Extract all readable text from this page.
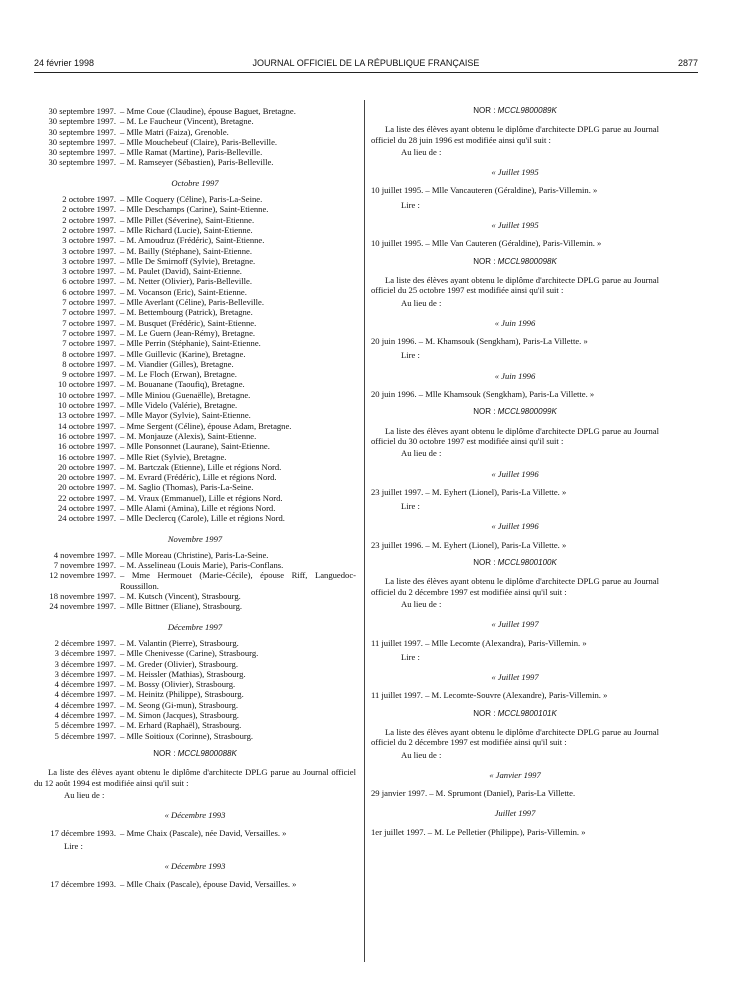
24 février 1998	JOURNAL OFFICIEL DE LA RÉPUBLIQUE FRANÇAISE	2877
30 septembre 1997. – Mme Coue (Claudine), épouse Baguet, Bretagne.
30 septembre 1997. – M. Le Faucheur (Vincent), Bretagne.
30 septembre 1997. – Mlle Matri (Faiza), Grenoble.
30 septembre 1997. – Mlle Mouchebeuf (Claire), Paris-Belleville.
30 septembre 1997. – Mlle Ramat (Martine), Paris-Belleville.
30 septembre 1997. – M. Ramseyer (Sébastien), Paris-Belleville.
Octobre 1997
2 octobre 1997. – Mlle Coquery (Céline), Paris-La-Seine.
2 octobre 1997. – Mlle Deschamps (Carine), Saint-Etienne.
2 octobre 1997. – Mlle Pillet (Séverine), Saint-Etienne.
2 octobre 1997. – Mlle Richard (Lucie), Saint-Etienne.
3 octobre 1997. – M. Amoudruz (Frédéric), Saint-Etienne.
3 octobre 1997. – M. Bailly (Stéphane), Saint-Etienne.
3 octobre 1997. – Mlle De Smirnoff (Sylvie), Bretagne.
3 octobre 1997. – M. Paulet (David), Saint-Etienne.
6 octobre 1997. – M. Netter (Olivier), Paris-Belleville.
6 octobre 1997. – M. Vocanson (Eric), Saint-Etienne.
7 octobre 1997. – Mlle Averlant (Céline), Paris-Belleville.
7 octobre 1997. – M. Bettembourg (Patrick), Bretagne.
7 octobre 1997. – M. Busquet (Frédéric), Saint-Etienne.
7 octobre 1997. – M. Le Guern (Jean-Rémy), Bretagne.
7 octobre 1997. – Mlle Perrin (Stéphanie), Saint-Etienne.
8 octobre 1997. – Mlle Guillevic (Karine), Bretagne.
8 octobre 1997. – M. Viandier (Gilles), Bretagne.
9 octobre 1997. – M. Le Floch (Erwan), Bretagne.
10 octobre 1997. – M. Bouanane (Taoufiq), Bretagne.
10 octobre 1997. – Mlle Miniou (Guenaëlle), Bretagne.
10 octobre 1997. – Mlle Videlo (Valérie), Bretagne.
13 octobre 1997. – Mlle Mayor (Sylvie), Saint-Etienne.
14 octobre 1997. – Mme Sergent (Céline), épouse Adam, Bretagne.
16 octobre 1997. – M. Monjauze (Alexis), Saint-Etienne.
16 octobre 1997. – Mlle Ponsonnet (Laurane), Saint-Etienne.
16 octobre 1997. – Mlle Riet (Sylvie), Bretagne.
20 octobre 1997. – M. Bartczak (Etienne), Lille et régions Nord.
20 octobre 1997. – M. Evrard (Frédéric), Lille et régions Nord.
20 octobre 1997. – M. Saglio (Thomas), Paris-La-Seine.
22 octobre 1997. – M. Vraux (Emmanuel), Lille et régions Nord.
24 octobre 1997. – Mlle Alami (Amina), Lille et régions Nord.
24 octobre 1997. – Mlle Declercq (Carole), Lille et régions Nord.
Novembre 1997
4 novembre 1997. – Mlle Moreau (Christine), Paris-La-Seine.
7 novembre 1997. – M. Asselineau (Louis Marie), Paris-Conflans.
12 novembre 1997. – Mme Hermouet (Marie-Cécile), épouse Riff, Languedoc-Roussillon.
18 novembre 1997. – M. Kutsch (Vincent), Strasbourg.
24 novembre 1997. – Mlle Bittner (Eliane), Strasbourg.
Décembre 1997
2 décembre 1997. – M. Valantin (Pierre), Strasbourg.
3 décembre 1997. – Mlle Chenivesse (Carine), Strasbourg.
3 décembre 1997. – M. Greder (Olivier), Strasbourg.
3 décembre 1997. – M. Heissler (Mathias), Strasbourg.
4 décembre 1997. – M. Bossy (Olivier), Strasbourg.
4 décembre 1997. – M. Heinitz (Philippe), Strasbourg.
4 décembre 1997. – M. Seong (Gi-mun), Strasbourg.
4 décembre 1997. – M. Simon (Jacques), Strasbourg.
5 décembre 1997. – M. Erhard (Raphaël), Strasbourg.
5 décembre 1997. – Mlle Soitioux (Corinne), Strasbourg.
NOR : MCCL9800088K
La liste des élèves ayant obtenu le diplôme d'architecte DPLG parue au Journal officiel du 12 août 1994 est modifiée ainsi qu'il suit :
Au lieu de :
« Décembre 1993
17 décembre 1993. – Mme Chaix (Pascale), née David, Versailles. »
Lire :
« Décembre 1993
17 décembre 1993. – Mlle Chaix (Pascale), épouse David, Versailles. »
NOR : MCCL9800089K
La liste des élèves ayant obtenu le diplôme d'architecte DPLG parue au Journal officiel du 28 juin 1996 est modifiée ainsi qu'il suit :
Au lieu de :
« Juillet 1995
10 juillet 1995. – Mlle Vancauteren (Géraldine), Paris-Villemin. »
Lire :
« Juillet 1995
10 juillet 1995. – Mlle Van Cauteren (Géraldine), Paris-Villemin. »
NOR : MCCL9800098K
La liste des élèves ayant obtenu le diplôme d'architecte DPLG parue au Journal officiel du 25 octobre 1997 est modifiée ainsi qu'il suit :
Au lieu de :
« Juin 1996
20 juin 1996. – M. Khamsouk (Sengkham), Paris-La Villette. »
Lire :
« Juin 1996
20 juin 1996. – Mlle Khamsouk (Sengkham), Paris-La Villette. »
NOR : MCCL9800099K
La liste des élèves ayant obtenu le diplôme d'architecte DPLG parue au Journal officiel du 30 octobre 1997 est modifiée ainsi qu'il suit :
Au lieu de :
« Juillet 1996
23 juillet 1997. – M. Eyhert (Lionel), Paris-La Villette. »
Lire :
« Juillet 1996
23 juillet 1996. – M. Eyhert (Lionel), Paris-La Villette. »
NOR : MCCL9800100K
La liste des élèves ayant obtenu le diplôme d'architecte DPLG parue au Journal officiel du 2 décembre 1997 est modifiée ainsi qu'il suit :
Au lieu de :
« Juillet 1997
11 juillet 1997. – Mlle Lecomte (Alexandra), Paris-Villemin. »
Lire :
« Juillet 1997
11 juillet 1997. – M. Lecomte-Souvre (Alexandre), Paris-Villemin. »
NOR : MCCL9800101K
La liste des élèves ayant obtenu le diplôme d'architecte DPLG parue au Journal officiel du 2 décembre 1997 est modifiée ainsi qu'il suit :
Au lieu de :
« Janvier 1997
29 janvier 1997. – M. Sprumont (Daniel), Paris-La Villette.
Juillet 1997
1er juillet 1997. – M. Le Pelletier (Philippe), Paris-Villemin. »
